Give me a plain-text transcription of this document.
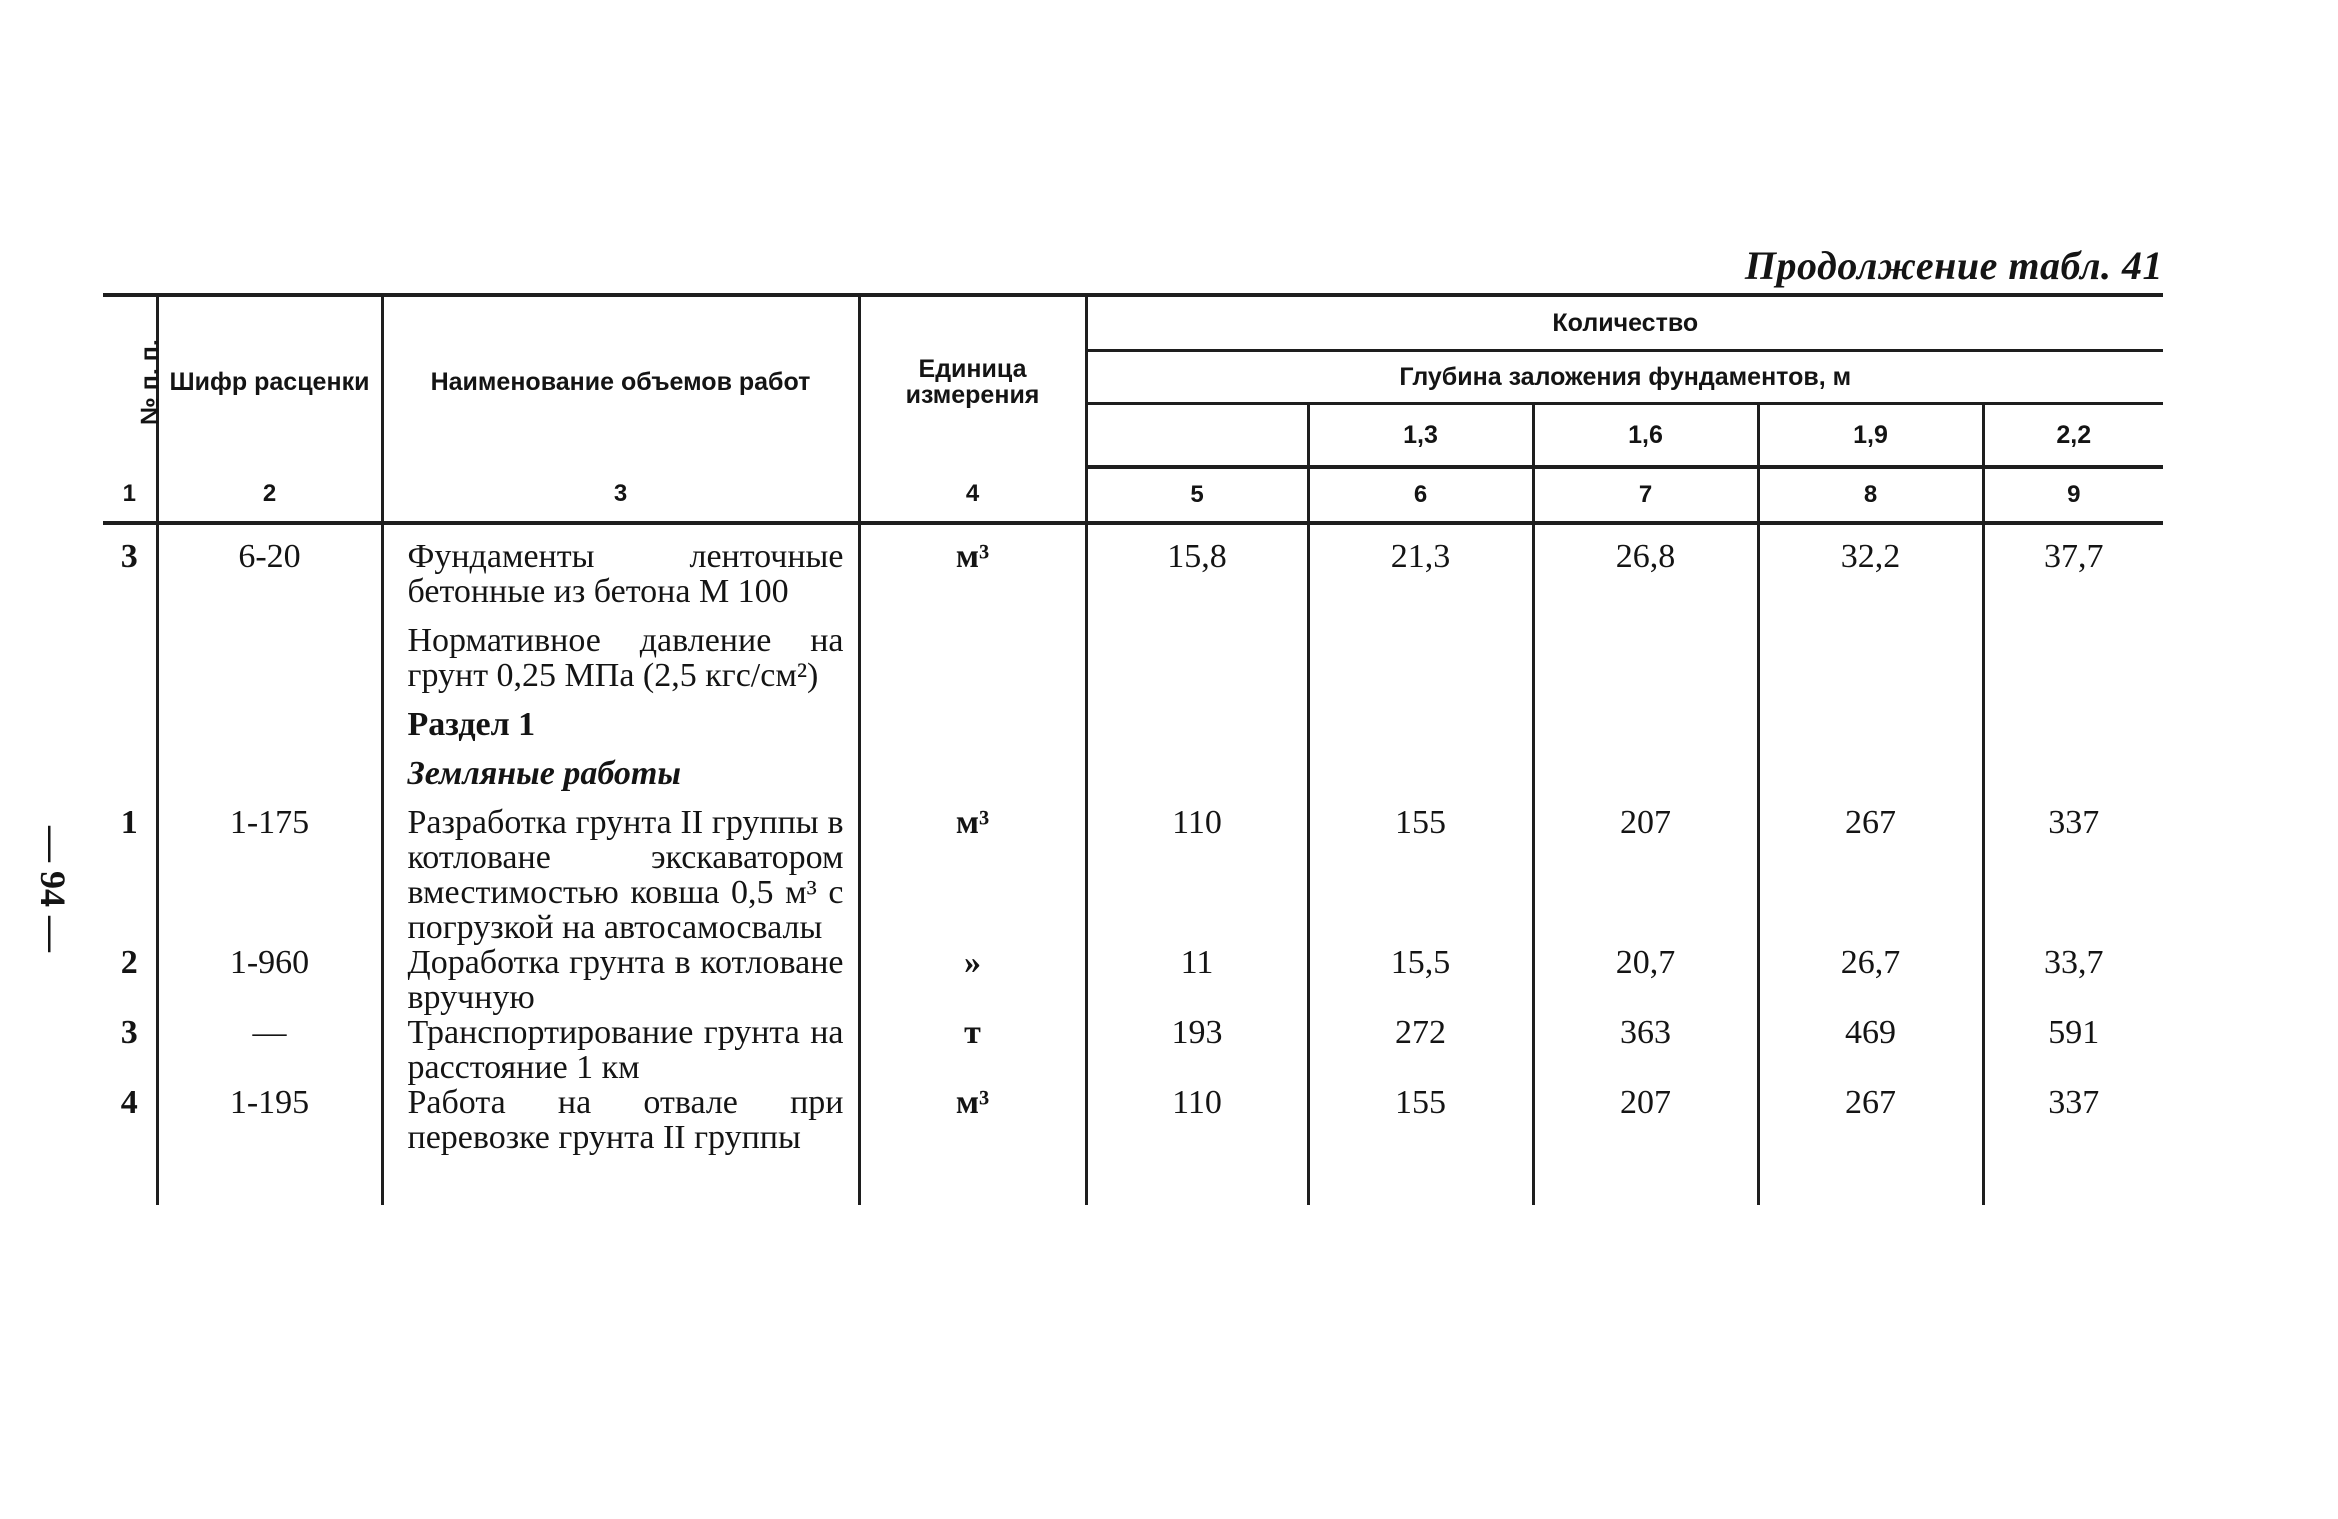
— 94 —
Продолжение табл. 41
№ п. п.	Шифр расценки	Наименование объемов работ	Единица измерения	Количество				
				Глубина заложения фундаментов, м				
					1,3	1,6	1,9	2,2
1	2	3	4	5	6	7	8	9

3	6-20	Фундаменты ленточные бетонные из бетона М 100	м³	15,8	21,3	26,8	32,2	37,7

		Нормативное давление на грунт 0,25 МПа (2,5 кгс/см²)						

		Раздел 1						

		Земляные работы						

1	1-175	Разработка грунта II группы в котловане экскаватором вместимостью ковша 0,5 м³ с погрузкой на автосамосвалы	м³	110	155	207	267	337
2	1-960	Доработка грунта в котловане вручную	»	11	15,5	20,7	26,7	33,7
3	—	Транспортирование грунта на расстояние 1 км	т	193	272	363	469	591
4	1-195	Работа на отвале при перевозке грунта II группы	м³	110	155	207	267	337
